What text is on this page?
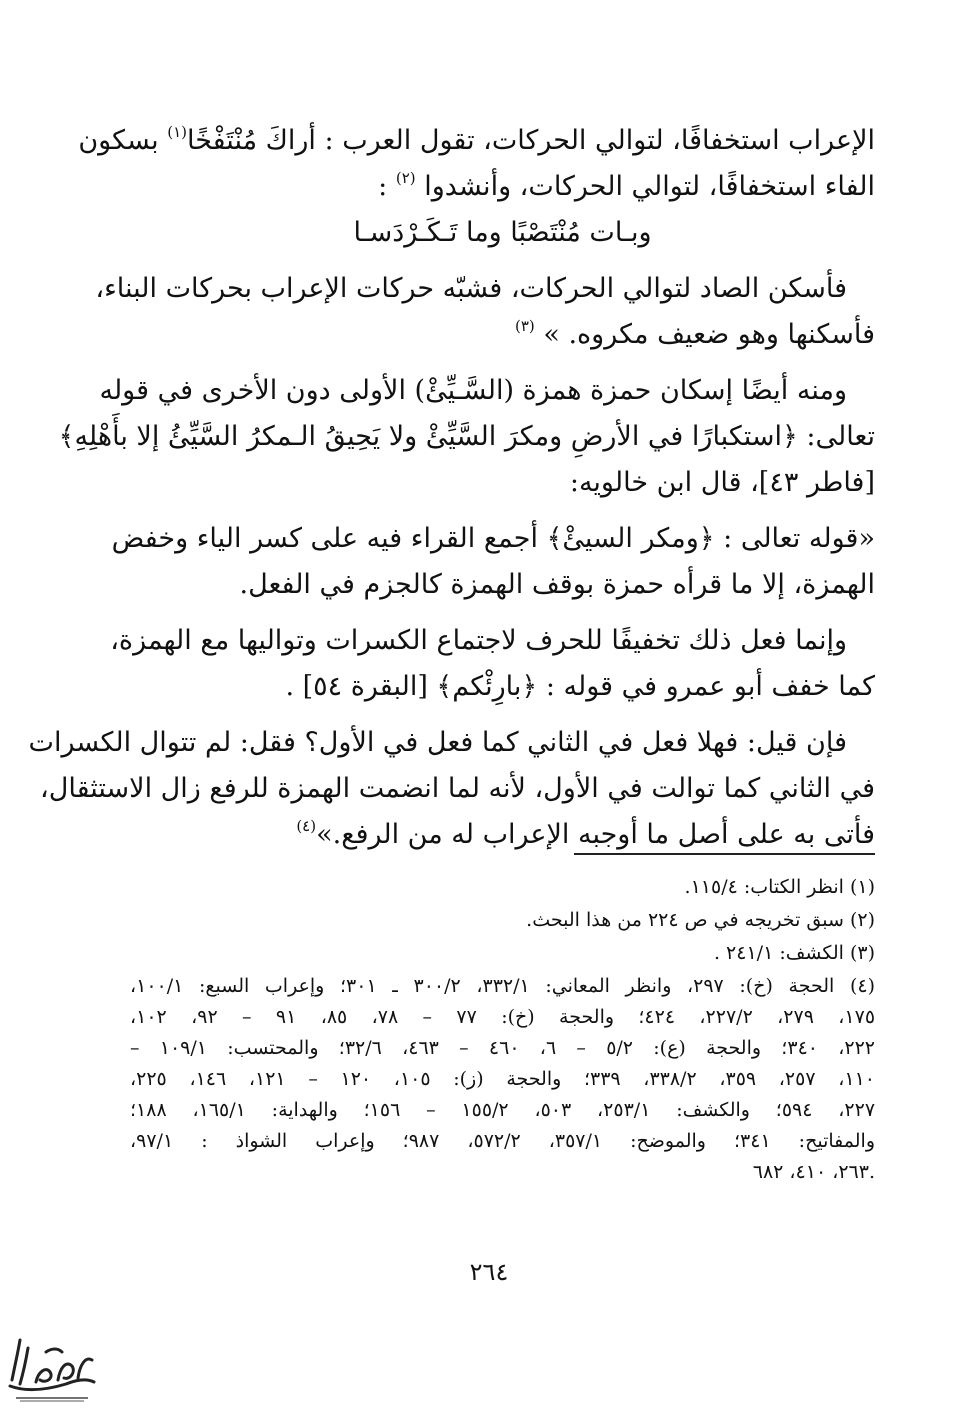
الإعراب استخفافًا، لتوالي الحركات، تقول العرب : أراكَ مُنْتَفْخًا$^{(١)}$ بسكون
الفاء استخفافًا، لتوالي الحركات، وأنشدوا $^{(٢)}$ :
وبـات مُنْتَصْبًا وما تَـكَـرْدَسـا
فأسكن الصاد لتوالي الحركات، فشبّه حركات الإعراب بحركات البناء،
فأسكنها وهو ضعيف مكروه. » $^{(٣)}$
ومنه أيضًا إسكان حمزة همزة (السَّـيِّئْ) الأولى دون الأخرى في قوله
تعالى: ﴿استكبارًا في الأرضِ ومكرَ السَّيِّئْ ولا يَحِيقُ الـمكرُ السَّيِّئُ إلا بأَهْلِهِ﴾
[فاطر ٤٣]، قال ابن خالويه:
«قوله تعالى : ﴿ومكر السيئْ﴾ أجمع القراء فيه على كسر الياء وخفض
الهمزة، إلا ما قرأه حمزة بوقف الهمزة كالجزم في الفعل.
وإنما فعل ذلك تخفيفًا للحرف لاجتماع الكسرات وتواليها مع الهمزة،
كما خفف أبو عمرو في قوله : ﴿بارِئْكم﴾ [البقرة ٥٤] .
فإن قيل: فهلا فعل في الثاني كما فعل في الأول؟ فقل: لم تتوال الكسرات
في الثاني كما توالت في الأول، لأنه لما انضمت الهمزة للرفع زال الاستثقال،
فأتى به على أصل ما أوجبه الإعراب له من الرفع.»$^{(٤)}$
(١) انظر الكتاب: ١١٥/٤.
(٢) سبق تخريجه في ص ٢٢٤ من هذا البحث.
(٣) الكشف: ٢٤١/١ .
(٤) الحجة (خ): ٢٩٧، وانظر المعاني: ٣٣٢/١، ٣٠٠/٢ ـ ٣٠١؛ وإعراب السبع: ١٠٠/١،
١٧٥، ٢٧٩، ٢٢٧/٢، ٤٢٤؛ والحجة (خ): ٧٧ – ٧٨، ٨٥، ٩١ – ٩٢، ١٠٢،
٢٢٢، ٣٤٠؛ والحجة (ع): ٥/٢ – ٦، ٤٦٠ – ٤٦٣، ٣٢/٦؛ والمحتسب: ١٠٩/١ –
١١٠، ٢٥٧، ٣٥٩، ٣٣٨/٢، ٣٣٩؛ والحجة (ز): ١٠٥، ١٢٠ – ١٢١، ١٤٦، ٢٢٥،
٢٢٧، ٥٩٤؛ والكشف: ٢٥٣/١، ٥٠٣، ١٥٥/٢ – ١٥٦؛ والهداية: ١٦٥/١، ١٨٨؛
والمفاتيح: ٣٤١؛ والموضح: ٣٥٧/١، ٥٧٢/٢، ٩٨٧؛ وإعراب الشواذ : ٩٧/١،
٢٦٣، ٤١٠، ٦٨٢.
٢٦٤
